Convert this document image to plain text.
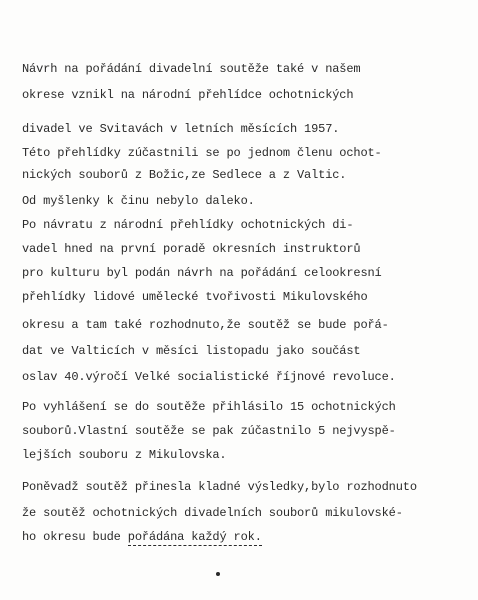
Návrh na pořádání divadelní soutěže také v našem
okrese vznikl na národní přehlídce ochotnických
divadel ve Svitavách v letních měsících 1957.
Této přehlídky zúčastnili se po jednom členu ochot-
nických souborů z Božic,ze Sedlece a z Valtic.
Od myšlenky k činu nebylo daleko.
Po návratu z národní přehlídky ochotnických di-
vadel hned na první poradě okresních instruktorů
pro kulturu byl podán návrh na pořádání celookresní
přehlídky lidové umělecké tvořivosti Mikulovského
okresu a tam také rozhodnuto,že soutěž se bude pořá-
dat ve Valticích v měsíci listopadu jako součást
oslav 40.výročí Velké socialistické říjnové revoluce.
Po vyhlášení se do soutěže přihlásilo 15 ochotnických
souborů.Vlastní soutěže se pak zúčastnilo 5 nejvyspě-
lejších souboru z Mikulovska.
Poněvadž soutěž přinesla kladné výsledky,bylo rozhodnuto
že soutěž ochotnických divadelních souborů mikulovské-
ho okresu bude pořádána každý rok.
